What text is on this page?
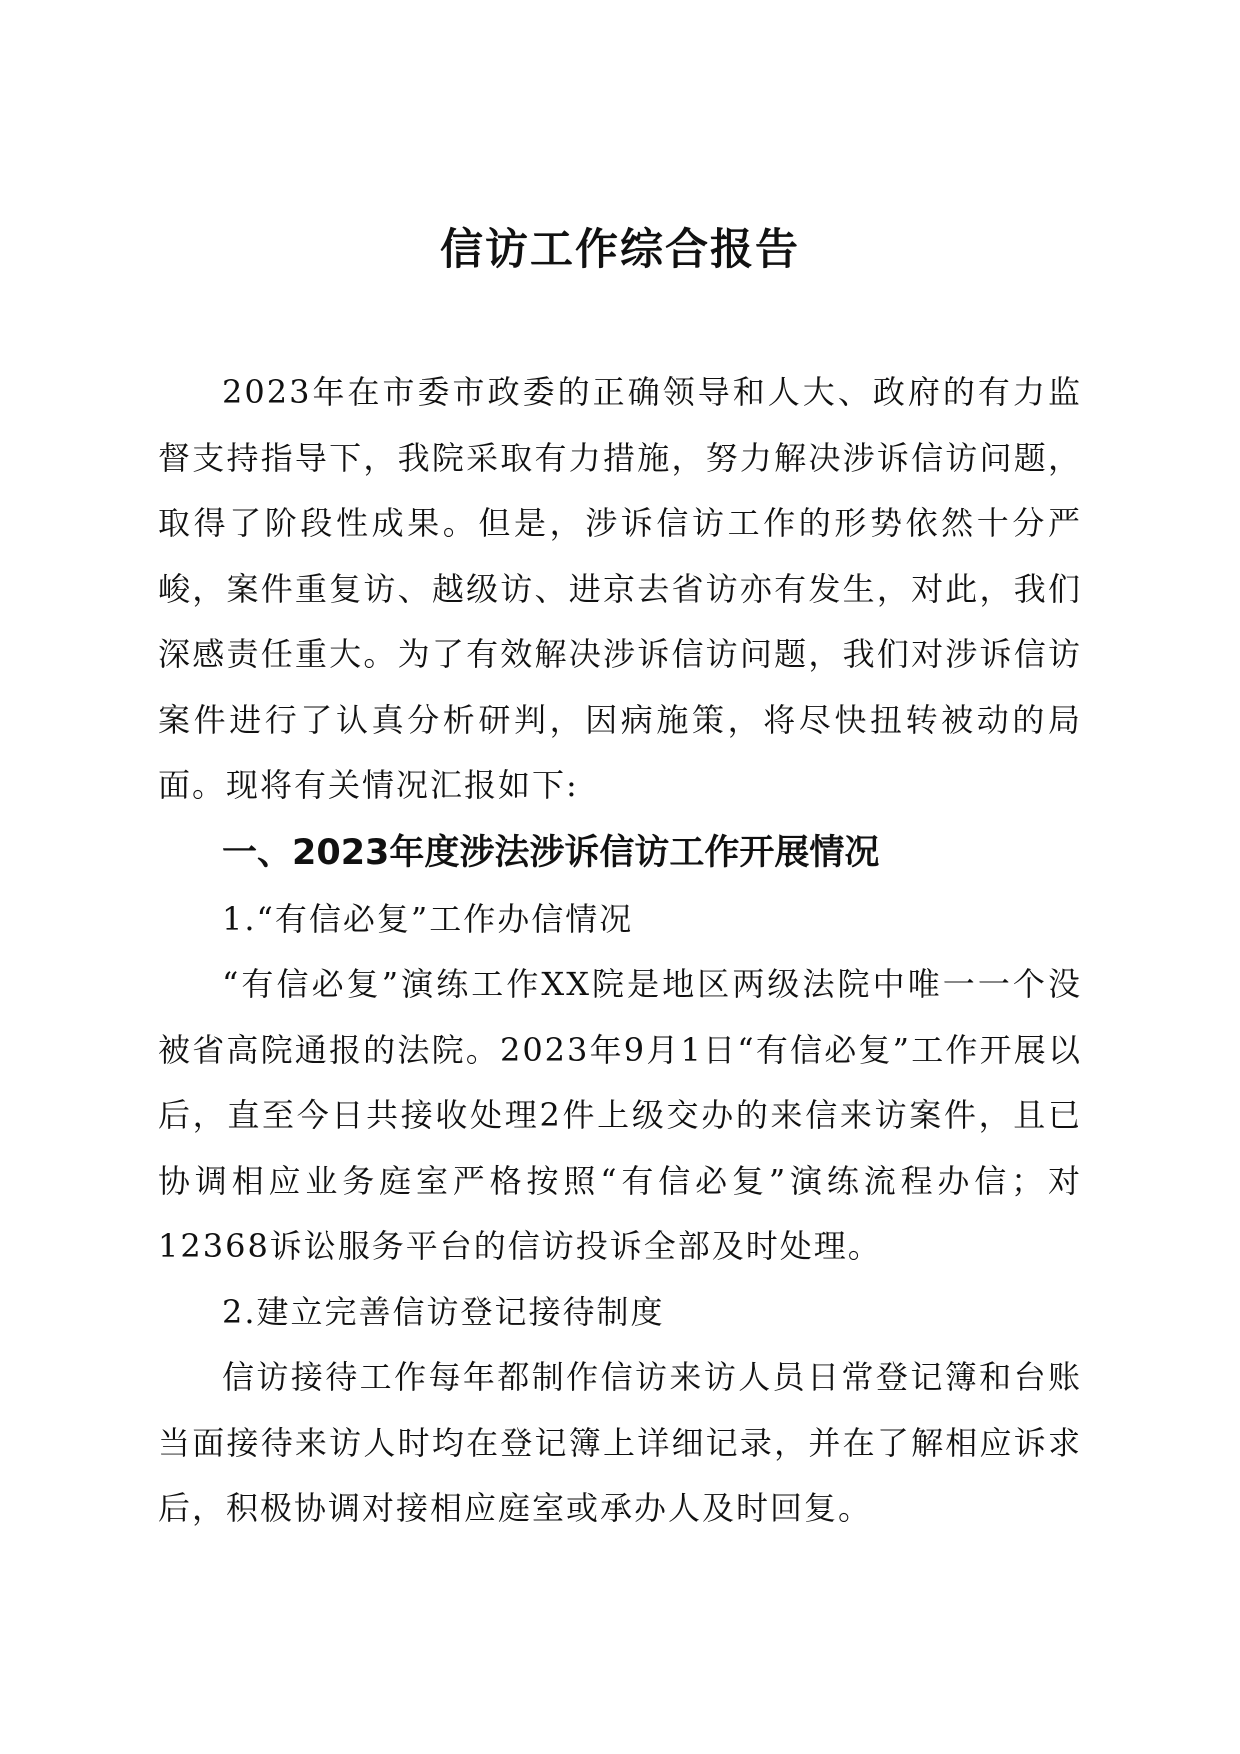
信访工作综合报告

2023年在市委市政委的正确领导和人大、政府的有力监督支持指导下，我院采取有力措施，努力解决涉诉信访问题，取得了阶段性成果。但是，涉诉信访工作的形势依然十分严峻，案件重复访、越级访、进京去省访亦有发生，对此，我们深感责任重大。为了有效解决涉诉信访问题，我们对涉诉信访案件进行了认真分析研判，因病施策，将尽快扭转被动的局面。现将有关情况汇报如下:

一、2023年度涉法涉诉信访工作开展情况

1.“有信必复”工作办信情况

“有信必复”演练工作XX院是地区两级法院中唯一一个没被省高院通报的法院。2023年9月1日“有信必复”工作开展以后，直至今日共接收处理2件上级交办的来信来访案件，且已协调相应业务庭室严格按照“有信必复”演练流程办信；对12368诉讼服务平台的信访投诉全部及时处理。

2.建立完善信访登记接待制度

信访接待工作每年都制作信访来访人员日常登记簿和台账当面接待来访人时均在登记簿上详细记录，并在了解相应诉求后，积极协调对接相应庭室或承办人及时回复。
